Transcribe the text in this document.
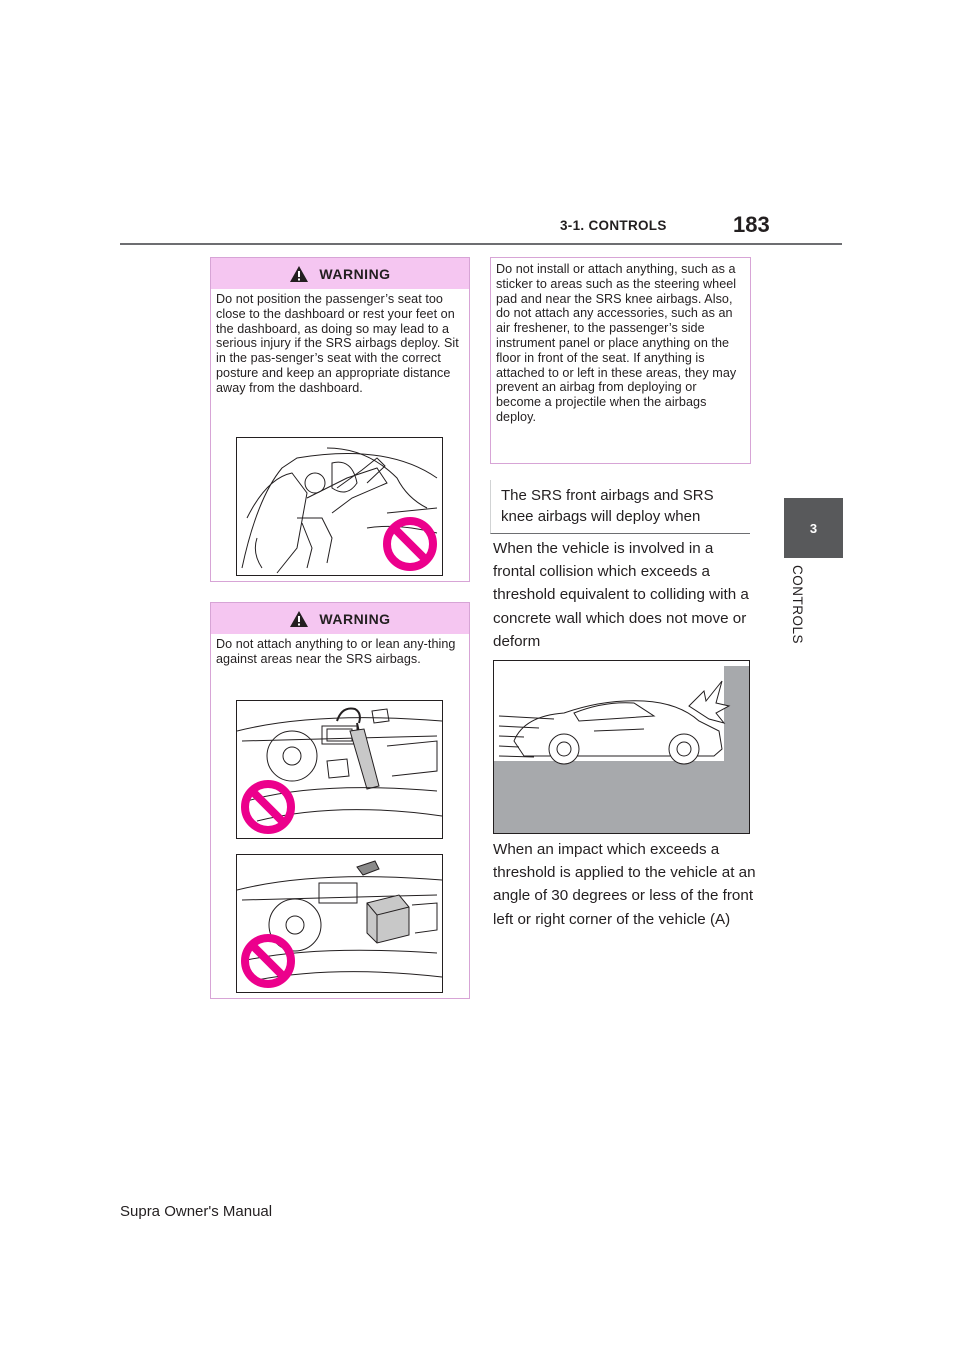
3-1. CONTROLS	183
3
CONTROLS
WARNING
Do not position the passenger’s seat too close to the dashboard or rest your feet on the dashboard, as doing so may lead to a serious injury if the SRS airbags deploy. Sit in the pas-senger’s seat with the correct posture and keep an appropriate distance away from the dashboard.
WARNING
Do not attach anything to or lean any-thing against areas near the SRS airbags.
Do not install or attach anything, such as a sticker to areas such as the steering wheel pad and near the SRS knee airbags. Also, do not attach any accessories, such as an air freshener, to the passenger’s side instrument panel or place anything on the floor in front of the seat. If anything is attached to or left in these areas, they may prevent an airbag from deploying or become a projectile when the airbags deploy.
The SRS front airbags and SRS knee airbags will deploy when
When the vehicle is involved in a frontal collision which exceeds a threshold equivalent to colliding with a concrete wall which does not move or deform
When an impact which exceeds a threshold is applied to the vehicle at an angle of 30 degrees or less of the front left or right corner of the vehicle (A)
Supra Owner's Manual
